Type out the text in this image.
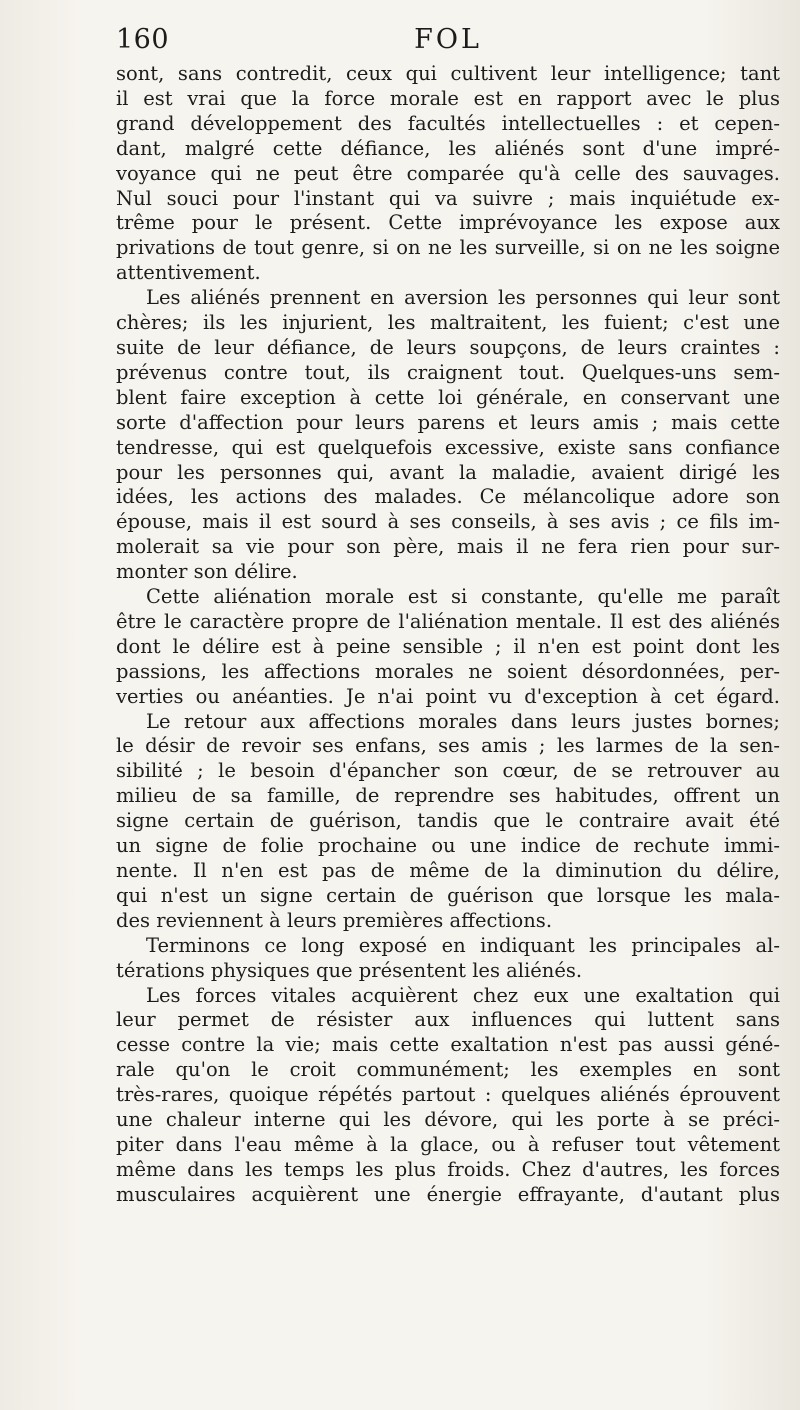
160	FOL
sont, sans contredit, ceux qui cultivent leur intelligence; tant
il est vrai que la force morale est en rapport avec le plus
grand développement des facultés intellectuelles : et cepen-
dant, malgré cette défiance, les aliénés sont d'une impré-
voyance qui ne peut être comparée qu'à celle des sauvages.
Nul souci pour l'instant qui va suivre ; mais inquiétude ex-
trême pour le présent. Cette imprévoyance les expose aux
privations de tout genre, si on ne les surveille, si on ne les soigne
attentivement.
Les aliénés prennent en aversion les personnes qui leur sont
chères; ils les injurient, les maltraitent, les fuient; c'est une
suite de leur défiance, de leurs soupçons, de leurs craintes :
prévenus contre tout, ils craignent tout. Quelques-uns sem-
blent faire exception à cette loi générale, en conservant une
sorte d'affection pour leurs parens et leurs amis ; mais cette
tendresse, qui est quelquefois excessive, existe sans confiance
pour les personnes qui, avant la maladie, avaient dirigé les
idées, les actions des malades. Ce mélancolique adore son
épouse, mais il est sourd à ses conseils, à ses avis ; ce fils im-
molerait sa vie pour son père, mais il ne fera rien pour sur-
monter son délire.
Cette aliénation morale est si constante, qu'elle me paraît
être le caractère propre de l'aliénation mentale. Il est des aliénés
dont le délire est à peine sensible ; il n'en est point dont les
passions, les affections morales ne soient désordonnées, per-
verties ou anéanties. Je n'ai point vu d'exception à cet égard.
Le retour aux affections morales dans leurs justes bornes;
le désir de revoir ses enfans, ses amis ; les larmes de la sen-
sibilité ; le besoin d'épancher son cœur, de se retrouver au
milieu de sa famille, de reprendre ses habitudes, offrent un
signe certain de guérison, tandis que le contraire avait été
un signe de folie prochaine ou une indice de rechute immi-
nente. Il n'en est pas de même de la diminution du délire,
qui n'est un signe certain de guérison que lorsque les mala-
des reviennent à leurs premières affections.
Terminons ce long exposé en indiquant les principales al-
térations physiques que présentent les aliénés.
Les forces vitales acquièrent chez eux une exaltation qui
leur permet de résister aux influences qui luttent sans
cesse contre la vie; mais cette exaltation n'est pas aussi géné-
rale qu'on le croit communément; les exemples en sont
très-rares, quoique répétés partout : quelques aliénés éprouvent
une chaleur interne qui les dévore, qui les porte à se préci-
piter dans l'eau même à la glace, ou à refuser tout vêtement
même dans les temps les plus froids. Chez d'autres, les forces
musculaires acquièrent une énergie effrayante, d'autant plus
